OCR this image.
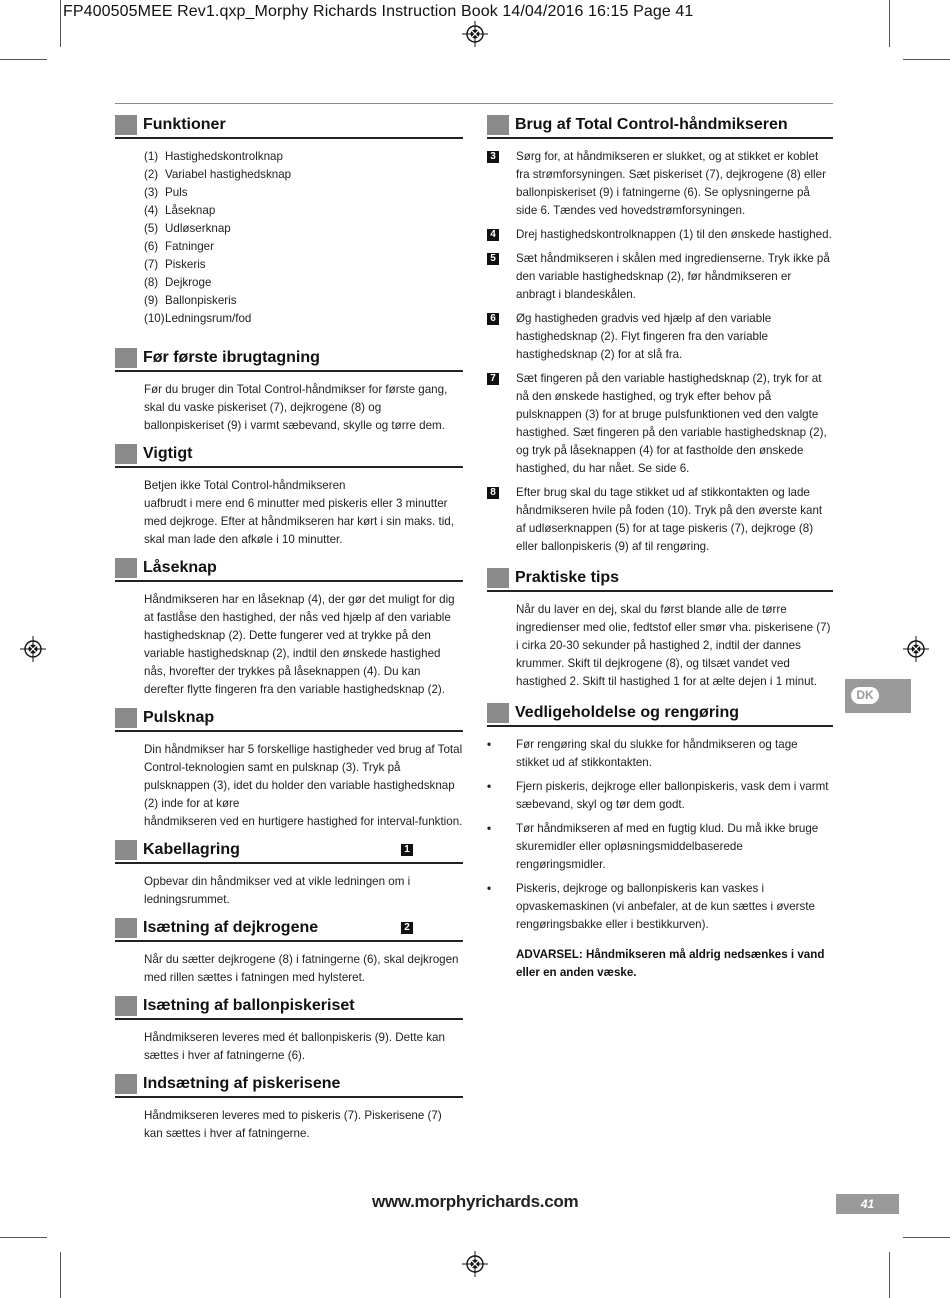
FP400505MEE Rev1.qxp_Morphy Richards Instruction Book 14/04/2016 16:15 Page 41
Funktioner
(1) Hastighedskontrolknap
(2) Variabel hastighedsknap
(3) Puls
(4) Låseknap
(5) Udløserknap
(6) Fatninger
(7) Piskeris
(8) Dejkroge
(9) Ballonpiskeris
(10) Ledningsrum/fod
Før første ibrugtagning

Før du bruger din Total Control-håndmikser for første gang, skal du vaske piskeriset (7), dejkrogene (8) og ballonpiskeriset (9) i varmt sæbevand, skylle og tørre dem.

Vigtigt

Betjen ikke Total Control-håndmikseren

uafbrudt i mere end 6 minutter med piskeris eller 3 minutter med dejkroge. Efter at håndmikseren har kørt i sin maks. tid, skal man lade den afkøle i 10 minutter.

Låseknap

Håndmikseren har en låseknap (4), der gør det muligt for dig at fastlåse den hastighed, der nås ved hjælp af den variable hastighedsknap (2). Dette fungerer ved at trykke på den variable hastighedsknap (2), indtil den ønskede hastighed nås, hvorefter der trykkes på låseknappen (4). Du kan derefter flytte fingeren fra den variable hastighedsknap (2).

Pulsknap

Din håndmikser har 5 forskellige hastigheder ved brug af Total Control-teknologien samt en pulsknap (3). Tryk på pulsknappen (3), idet du holder den variable hastighedsknap (2) inde for at køre

håndmikseren ved en hurtigere hastighed for interval-funktion.

Kabellagring	1

Opbevar din håndmikser ved at vikle ledningen om i ledningsrummet.

Isætning af dejkrogene	2

Når du sætter dejkrogene (8) i fatningerne (6), skal dejkrogen med rillen sættes i fatningen med hylsteret.

Isætning af ballonpiskeriset

Håndmikseren leveres med ét ballonpiskeris (9). Dette kan sættes i hver af fatningerne (6).

Indsætning af piskerisene

Håndmikseren leveres med to piskeris (7). Piskerisene (7) kan sættes i hver af fatningerne.

Brug af Total Control-håndmikseren
3 Sørg for, at håndmikseren er slukket, og at stikket er koblet fra strømforsyningen. Sæt piskeriset (7), dejkrogene (8) eller ballonpiskeriset (9) i fatningerne (6). Se oplysningerne på side 6. Tændes ved hovedstrømforsyningen.
4 Drej hastighedskontrolknappen (1) til den ønskede hastighed.
5 Sæt håndmikseren i skålen med ingredienserne. Tryk ikke på den variable hastighedsknap (2), før håndmikseren er anbragt i blandeskålen.
6 Øg hastigheden gradvis ved hjælp af den variable hastighedsknap (2). Flyt fingeren fra den variable hastighedsknap (2) for at slå fra.
7 Sæt fingeren på den variable hastighedsknap (2), tryk for at nå den ønskede hastighed, og tryk efter behov på pulsknappen (3) for at bruge pulsfunktionen ved den valgte hastighed. Sæt fingeren på den variable hastighedsknap (2), og tryk på låseknappen (4) for at fastholde den ønskede hastighed, du har nået. Se side 6.
8 Efter brug skal du tage stikket ud af stikkontakten og lade håndmikseren hvile på foden (10). Tryk på den øverste kant af udløserknappen (5) for at tage piskeris (7), dejkroge (8) eller ballonpiskeris (9) af til rengøring.
Praktiske tips

Når du laver en dej, skal du først blande alle de tørre ingredienser med olie, fedtstof eller smør vha. piskerisene (7) i cirka 20-30 sekunder på hastighed 2, indtil der dannes krummer. Skift til dejkrogene (8), og tilsæt vandet ved hastighed 2. Skift til hastighed 1 for at ælte dejen i 1 minut.

Vedligeholdelse og rengøring
• Før rengøring skal du slukke for håndmikseren og tage stikket ud af stikkontakten.
• Fjern piskeris, dejkroge eller ballonpiskeris, vask dem i varmt sæbevand, skyl og tør dem godt.
• Tør håndmikseren af med en fugtig klud. Du må ikke bruge skuremidler eller opløsningsmiddelbaserede rengøringsmidler.
• Piskeris, dejkroge og ballonpiskeris kan vaskes i opvaskemaskinen (vi anbefaler, at de kun sættes i øverste rengøringsbakke eller i bestikkurven).

ADVARSEL: Håndmikseren må aldrig nedsænkes i vand eller en anden væske.

DK
www.morphyrichards.com	41
